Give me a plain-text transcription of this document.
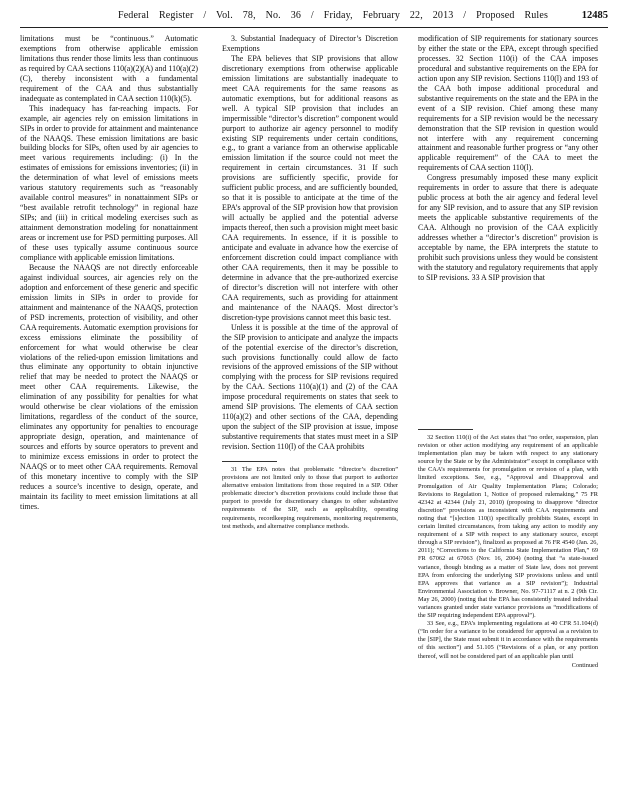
Federal Register / Vol. 78, No. 36 / Friday, February 22, 2013 / Proposed Rules	12485

limitations must be “continuous.” Automatic exemptions from otherwise applicable emission limitations thus render those limits less than continuous as required by CAA sections 110(a)(2)(A) and 110(a)(2)(C), thereby inconsistent with a fundamental requirement of the CAA and thus substantially inadequate as contemplated in CAA section 110(k)(5).

This inadequacy has far-reaching impacts. For example, air agencies rely on emission limitations in SIPs in order to provide for attainment and maintenance of the NAAQS. These emission limitations are basic building blocks for SIPs, often used by air agencies to meet various requirements including: (i) In the estimates of emissions for emissions inventories; (ii) in the determination of what level of emissions meets various statutory requirements such as “reasonably available control measures” in nonattainment SIPs or “best available retrofit technology” in regional haze SIPs; and (iii) in critical modeling exercises such as attainment demonstration modeling for nonattainment areas or increment use for PSD permitting purposes. All of these uses typically assume continuous source compliance with applicable emission limitations.

Because the NAAQS are not directly enforceable against individual sources, air agencies rely on the adoption and enforcement of these generic and specific emission limits in SIPs in order to provide for attainment and maintenance of the NAAQS, protection of PSD increments, protection of visibility, and other CAA requirements. Automatic exemption provisions for excess emissions eliminate the possibility of enforcement for what would otherwise be clear violations of the relied-upon emission limitations and thus eliminate any opportunity to obtain injunctive relief that may be needed to protect the NAAQS or meet other CAA requirements. Likewise, the elimination of any possibility for penalties for what would otherwise be clear violations of the emission limitations, regardless of the conduct of the source, eliminates any opportunity for penalties to encourage appropriate design, operation, and maintenance of sources and efforts by source operators to prevent and to minimize excess emissions in order to protect the NAAQS or to meet other CAA requirements. Removal of this monetary incentive to comply with the SIP reduces a source’s incentive to design, operate, and maintain its facility to meet emission limitations at all times.

3. Substantial Inadequacy of Director’s Discretion Exemptions

The EPA believes that SIP provisions that allow discretionary exemptions from otherwise applicable emission limitations are substantially inadequate to meet CAA requirements for the same reasons as automatic exemptions, but for additional reasons as well. A typical SIP provision that includes an impermissible “director’s discretion” component would purport to authorize air agency personnel to modify existing SIP requirements under certain conditions, e.g., to grant a variance from an otherwise applicable emission limitation if the source could not meet the requirement in certain circumstances. 31 If such provisions are sufficiently specific, provide for sufficient public process, and are sufficiently bounded, so that it is possible to anticipate at the time of the EPA’s approval of the SIP provision how that provision will actually be applied and the potential adverse impacts thereof, then such a provision might meet basic CAA requirements. In essence, if it is possible to anticipate and evaluate in advance how the exercise of enforcement discretion could impact compliance with other CAA requirements, then it may be possible to determine in advance that the pre-authorized exercise of director’s discretion will not interfere with other CAA requirements, such as providing for attainment and maintenance of the NAAQS. Most director’s discretion-type provisions cannot meet this basic test.

Unless it is possible at the time of the approval of the SIP provision to anticipate and analyze the impacts of the potential exercise of the director’s discretion, such provisions functionally could allow de facto revisions of the approved emissions of the SIP without complying with the process for SIP revisions required by the CAA. Sections 110(a)(1) and (2) of the CAA impose procedural requirements on states that seek to amend SIP provisions. The elements of CAA section 110(a)(2) and other sections of the CAA, depending upon the subject of the SIP provision at issue, impose substantive requirements that states must meet in a SIP revision. Section 110(l) of the CAA prohibits

31 The EPA notes that problematic “director’s discretion” provisions are not limited only to those that purport to authorize alternative emission limitations from those required in a SIP. Other problematic director’s discretion provisions could include those that purport to provide for discretionary changes to other substantive requirements of the SIP, such as applicability, operating requirements, recordkeeping requirements, monitoring requirements, test methods, and alternative compliance methods.

modification of SIP requirements for stationary sources by either the state or the EPA, except through specified processes. 32 Section 110(i) of the CAA imposes procedural and substantive requirements on the EPA for action upon any SIP revision. Sections 110(l) and 193 of the CAA both impose additional procedural and substantive requirements on the state and the EPA in the event of a SIP revision. Chief among these many requirements for a SIP revision would be the necessary demonstration that the SIP revision in question would not interfere with any requirement concerning attainment and reasonable further progress or “any other applicable requirement” of the CAA to meet the requirements of CAA section 110(l).

Congress presumably imposed these many explicit requirements in order to assure that there is adequate public process at both the air agency and federal level for any SIP revision, and to assure that any SIP revision meets the applicable substantive requirements of the CAA. Although no provision of the CAA explicitly addresses whether a “director’s discretion” provision is acceptable by name, the EPA interprets the statute to prohibit such provisions unless they would be consistent with the statutory and regulatory requirements that apply to SIP revisions. 33 A SIP provision that

32 Section 110(i) of the Act states that “no order, suspension, plan revision or other action modifying any requirement of an applicable implementation plan may be taken with respect to any stationary source by the State or by the Administrator” except in compliance with the CAA’s requirements for promulgation or revision of a plan, with limited exceptions. See, e.g., “Approval and Disapproval and Promulgation of Air Quality Implementation Plans; Colorado; Revisions to Regulation 1, Notice of proposed rulemaking,” 75 FR 42342 at 42344 (July 21, 2010) (proposing to disapprove “director discretion” provisions as inconsistent with CAA requirements and noting that “[s]ection 110(i) specifically prohibits States, except in certain limited circumstances, from taking any action to modify any requirement of a SIP with respect to any stationary source, except through a SIP revision”), finalized as proposed at 76 FR 4540 (Jan. 26, 2011); “Corrections to the California State Implementation Plan,” 69 FR 67062 at 67063 (Nov. 16, 2004) (noting that “a state-issued variance, though binding as a matter of State law, does not prevent EPA from enforcing the underlying SIP provisions unless and until EPA approves that variance as a SIP revision”); Industrial Environmental Association v. Browner, No. 97-71117 at n. 2 (9th Cir. May 26, 2000) (noting that the EPA has consistently treated individual variances granted under state variance provisions as “modifications of the SIP requiring independent EPA approval”).

33 See, e.g., EPA’s implementing regulations at 40 CFR 51.104(d) (“In order for a variance to be considered for approval as a revision to the [SIP], the State must submit it in accordance with the requirements of this section”) and 51.105 (“Revisions of a plan, or any portion thereof, will not be considered part of an applicable plan until

Continued
